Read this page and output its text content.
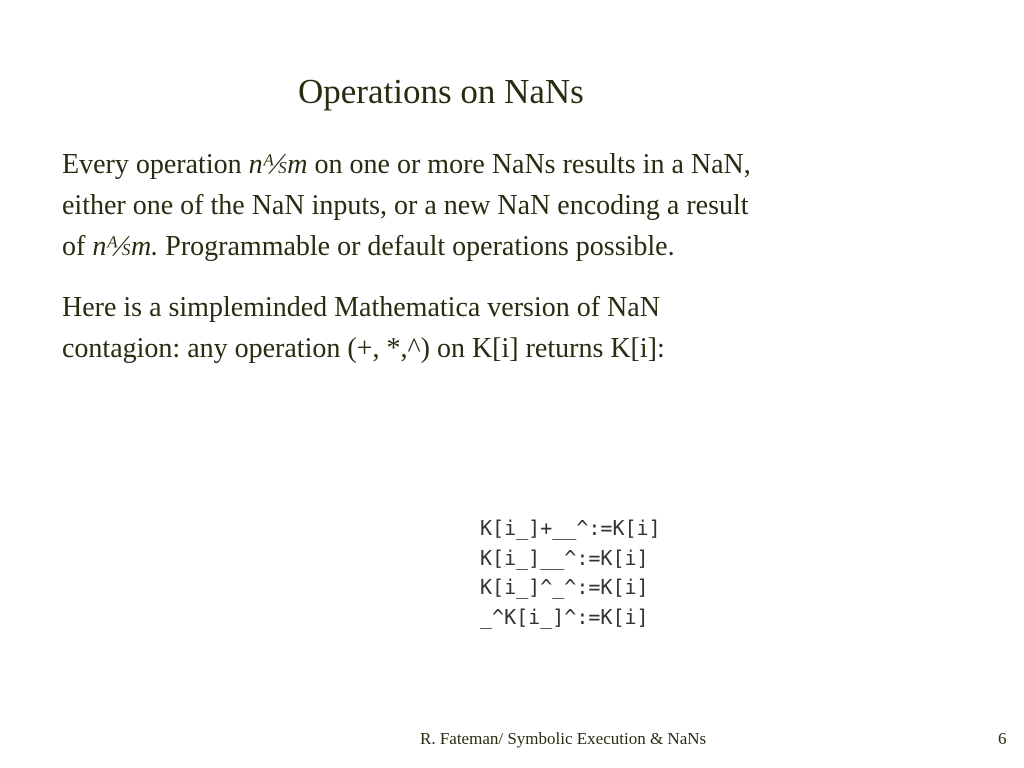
Operations on NaNs
Every operation n⅍m on one or more NaNs results in a NaN,
either one of the NaN inputs, or a new NaN encoding a result
of n⅍m. Programmable or default operations possible.
Here is a simpleminded Mathematica version of NaN
contagion: any operation (+, *,^) on K[i] returns K[i]:
K[i_]+__^:=K[i]
K[i_]__^:=K[i]
K[i_]^_^:=K[i]
_^K[i_]^:=K[i]
R. Fateman/ Symbolic Execution & NaNs	6
